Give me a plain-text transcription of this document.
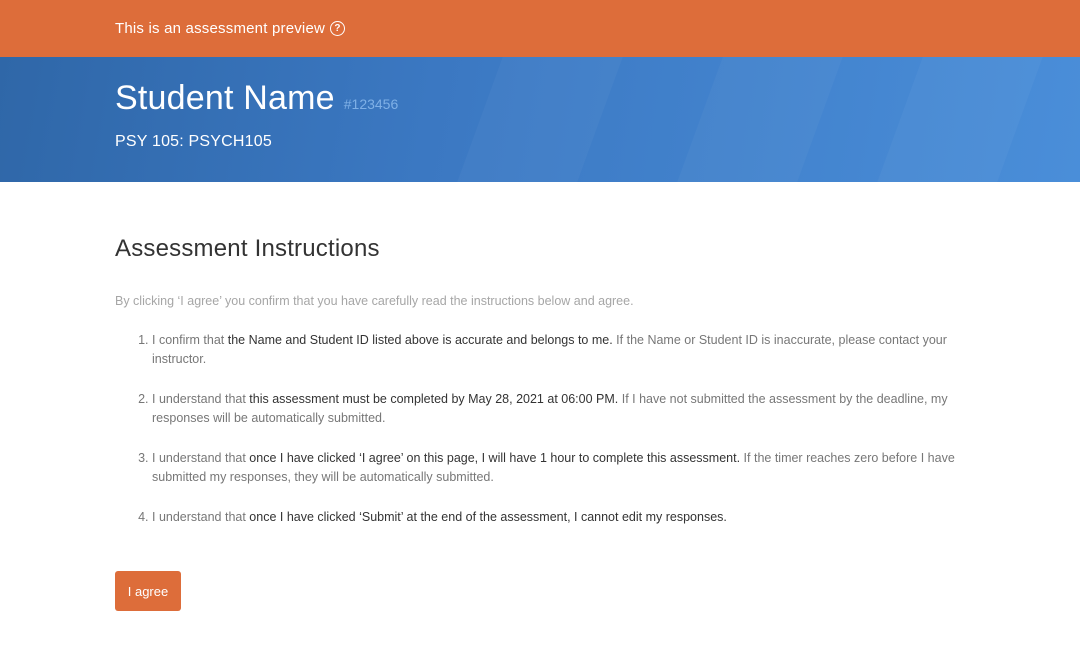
This is an assessment preview ?
Student Name #123456
PSY 105: PSYCH105
Assessment Instructions

By clicking ‘I agree’ you confirm that you have carefully read the instructions below and agree.

1. I confirm that the Name and Student ID listed above is accurate and belongs to me. If the Name or Student ID is inaccurate, please contact your instructor.
2. I understand that this assessment must be completed by May 28, 2021 at 06:00 PM. If I have not submitted the assessment by the deadline, my responses will be automatically submitted.
3. I understand that once I have clicked ‘I agree’ on this page, I will have 1 hour to complete this assessment. If the timer reaches zero before I have submitted my responses, they will be automatically submitted.
4. I understand that once I have clicked ‘Submit’ at the end of the assessment, I cannot edit my responses.
I agree
